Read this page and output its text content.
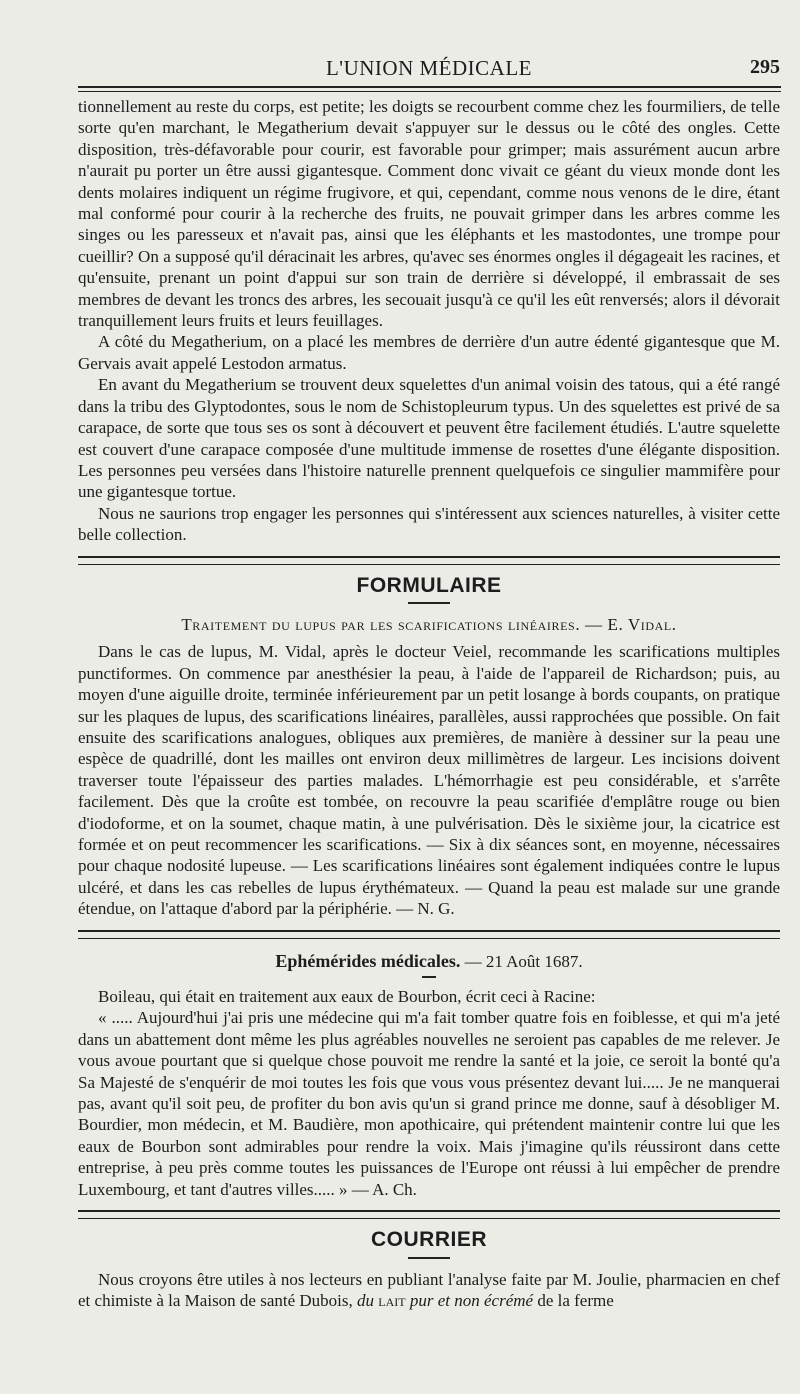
L'UNION MÉDICALE	295

tionnellement au reste du corps, est petite; les doigts se recourbent comme chez les fourmiliers, de telle sorte qu'en marchant, le Megatherium devait s'appuyer sur le dessus ou le côté des ongles. Cette disposition, très-défavorable pour courir, est favorable pour grimper; mais assurément aucun arbre n'aurait pu porter un être aussi gigantesque. Comment donc vivait ce géant du vieux monde dont les dents molaires indiquent un régime frugivore, et qui, cependant, comme nous venons de le dire, étant mal conformé pour courir à la recherche des fruits, ne pouvait grimper dans les arbres comme les singes ou les paresseux et n'avait pas, ainsi que les éléphants et les mastodontes, une trompe pour cueillir? On a supposé qu'il déracinait les arbres, qu'avec ses énormes ongles il dégageait les racines, et qu'ensuite, prenant un point d'appui sur son train de derrière si développé, il embrassait de ses membres de devant les troncs des arbres, les secouait jusqu'à ce qu'il les eût renversés; alors il dévorait tranquillement leurs fruits et leurs feuillages.

A côté du Megatherium, on a placé les membres de derrière d'un autre édenté gigantesque que M. Gervais avait appelé Lestodon armatus.

En avant du Megatherium se trouvent deux squelettes d'un animal voisin des tatous, qui a été rangé dans la tribu des Glyptodontes, sous le nom de Schistopleurum typus. Un des squelettes est privé de sa carapace, de sorte que tous ses os sont à découvert et peuvent être facilement étudiés. L'autre squelette est couvert d'une carapace composée d'une multitude immense de rosettes d'une élégante disposition. Les personnes peu versées dans l'histoire naturelle prennent quelquefois ce singulier mammifère pour une gigantesque tortue.

Nous ne saurions trop engager les personnes qui s'intéressent aux sciences naturelles, à visiter cette belle collection.

FORMULAIRE
Traitement du lupus par les scarifications linéaires. — E. Vidal.

Dans le cas de lupus, M. Vidal, après le docteur Veiel, recommande les scarifications multiples punctiformes. On commence par anesthésier la peau, à l'aide de l'appareil de Richardson; puis, au moyen d'une aiguille droite, terminée inférieurement par un petit losange à bords coupants, on pratique sur les plaques de lupus, des scarifications linéaires, parallèles, aussi rapprochées que possible. On fait ensuite des scarifications analogues, obliques aux premières, de manière à dessiner sur la peau une espèce de quadrillé, dont les mailles ont environ deux millimètres de largeur. Les incisions doivent traverser toute l'épaisseur des parties malades. L'hémorrhagie est peu considérable, et s'arrête facilement. Dès que la croûte est tombée, on recouvre la peau scarifiée d'emplâtre rouge ou bien d'iodoforme, et on la soumet, chaque matin, à une pulvérisation. Dès le sixième jour, la cicatrice est formée et on peut recommencer les scarifications. — Six à dix séances sont, en moyenne, nécessaires pour chaque nodosité lupeuse. — Les scarifications linéaires sont également indiquées contre le lupus ulcéré, et dans les cas rebelles de lupus érythémateux. — Quand la peau est malade sur une grande étendue, on l'attaque d'abord par la périphérie. — N. G.

Ephémérides médicales. — 21 Août 1687.

Boileau, qui était en traitement aux eaux de Bourbon, écrit ceci à Racine:

« ..... Aujourd'hui j'ai pris une médecine qui m'a fait tomber quatre fois en foiblesse, et qui m'a jeté dans un abattement dont même les plus agréables nouvelles ne seroient pas capables de me relever. Je vous avoue pourtant que si quelque chose pouvoit me rendre la santé et la joie, ce seroit la bonté qu'a Sa Majesté de s'enquérir de moi toutes les fois que vous vous présentez devant lui..... Je ne manquerai pas, avant qu'il soit peu, de profiter du bon avis qu'un si grand prince me donne, sauf à désobliger M. Bourdier, mon médecin, et M. Baudière, mon apothicaire, qui prétendent maintenir contre lui que les eaux de Bourbon sont admirables pour rendre la voix. Mais j'imagine qu'ils réussiront dans cette entreprise, à peu près comme toutes les puissances de l'Europe ont réussi à lui empêcher de prendre Luxembourg, et tant d'autres villes..... » — A. Ch.

COURRIER

Nous croyons être utiles à nos lecteurs en publiant l'analyse faite par M. Joulie, pharmacien en chef et chimiste à la Maison de santé Dubois, du lait pur et non écrémé de la ferme
